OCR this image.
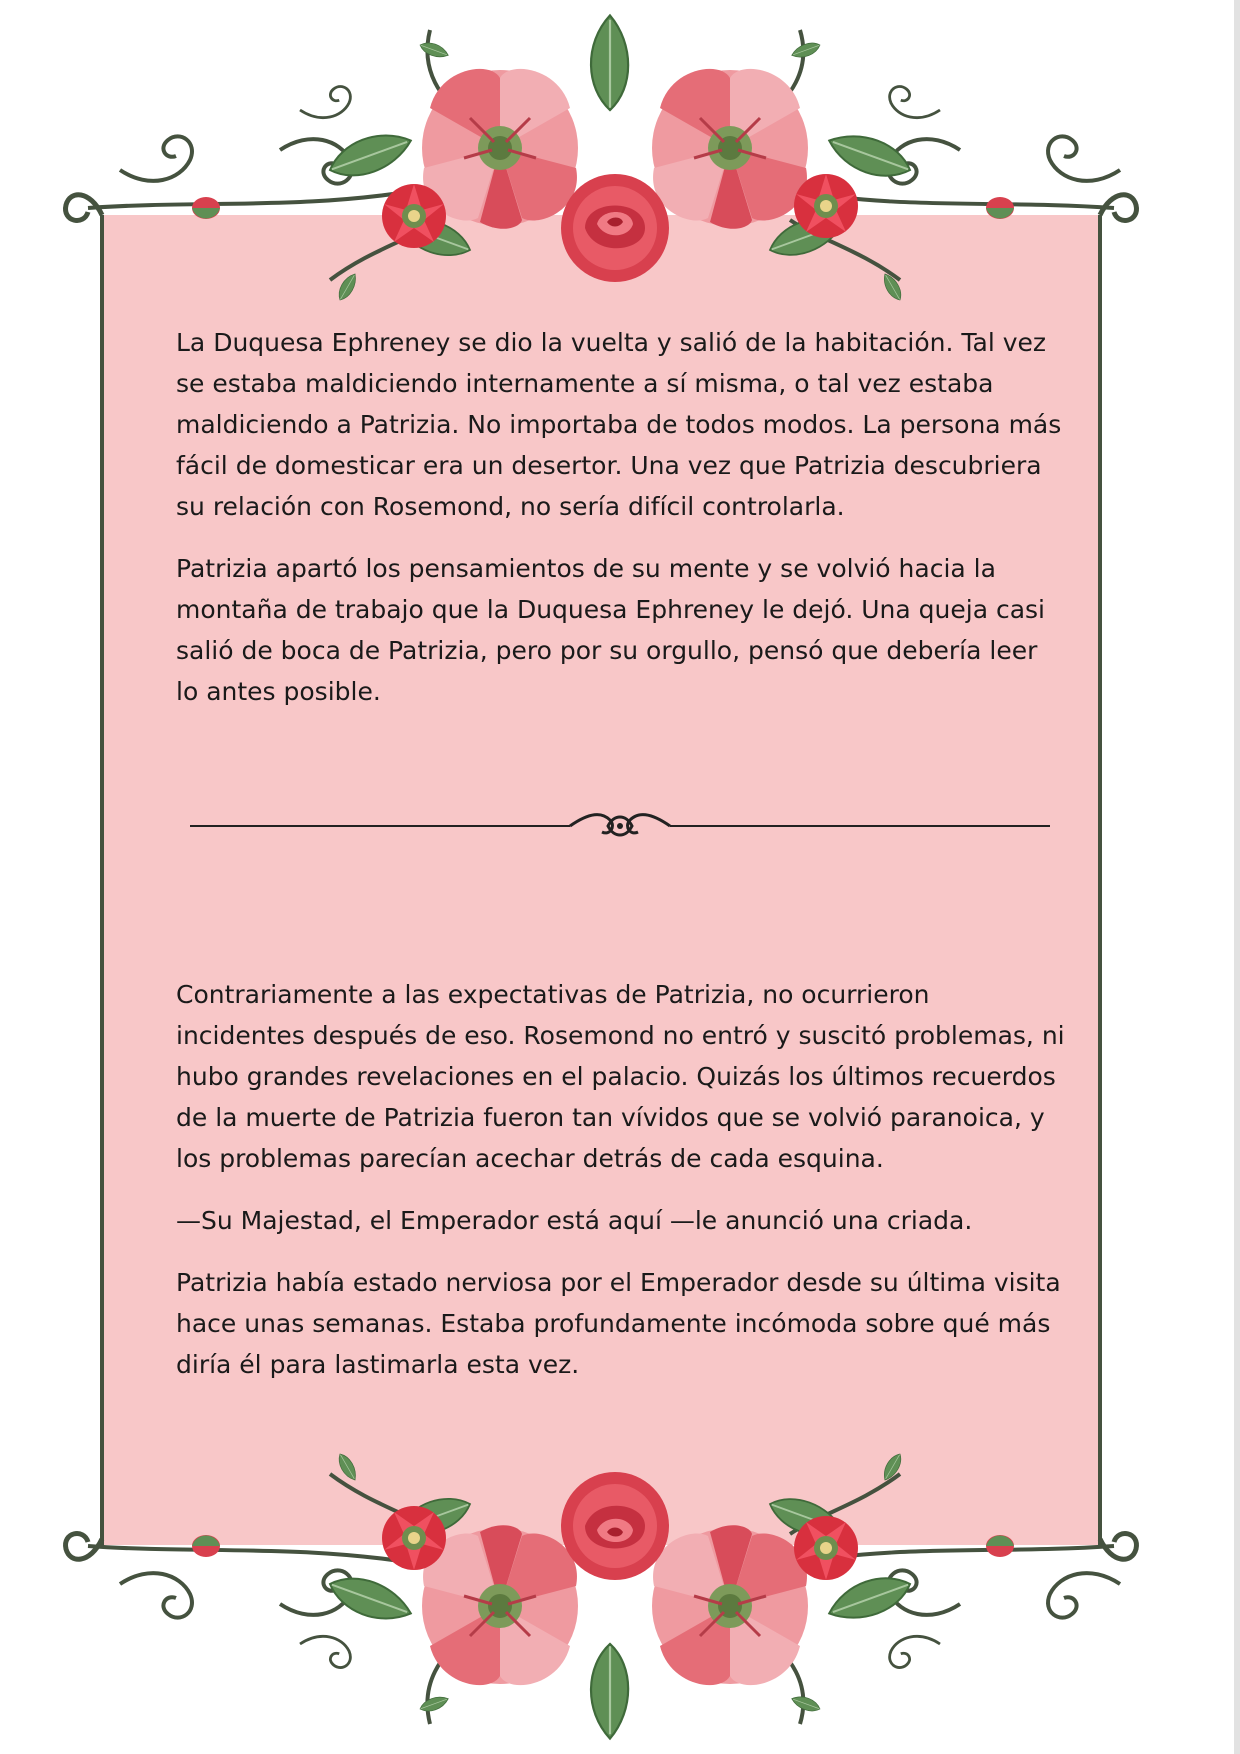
La Duquesa Ephreney se dio la vuelta y salió de la habitación. Tal vez se estaba maldiciendo internamente a sí misma, o tal vez estaba maldiciendo a Patrizia. No importaba de todos modos. La persona más fácil de domesticar era un desertor. Una vez que Patrizia descubriera su relación con Rosemond, no sería difícil controlarla.

Patrizia apartó los pensamientos de su mente y se volvió hacia la montaña de trabajo que la Duquesa Ephreney le dejó. Una queja casi salió de boca de Patrizia, pero por su orgullo, pensó que debería leer lo antes posible.

Contrariamente a las expectativas de Patrizia, no ocurrieron incidentes después de eso. Rosemond no entró y suscitó problemas, ni hubo grandes revelaciones en el palacio. Quizás los últimos recuerdos de la muerte de Patrizia fueron tan vívidos que se volvió paranoica, y los problemas parecían acechar detrás de cada esquina.

—Su Majestad, el Emperador está aquí —le anunció una criada.

Patrizia había estado nerviosa por el Emperador desde su última visita hace unas semanas. Estaba profundamente incómoda sobre qué más diría él para lastimarla esta vez.
